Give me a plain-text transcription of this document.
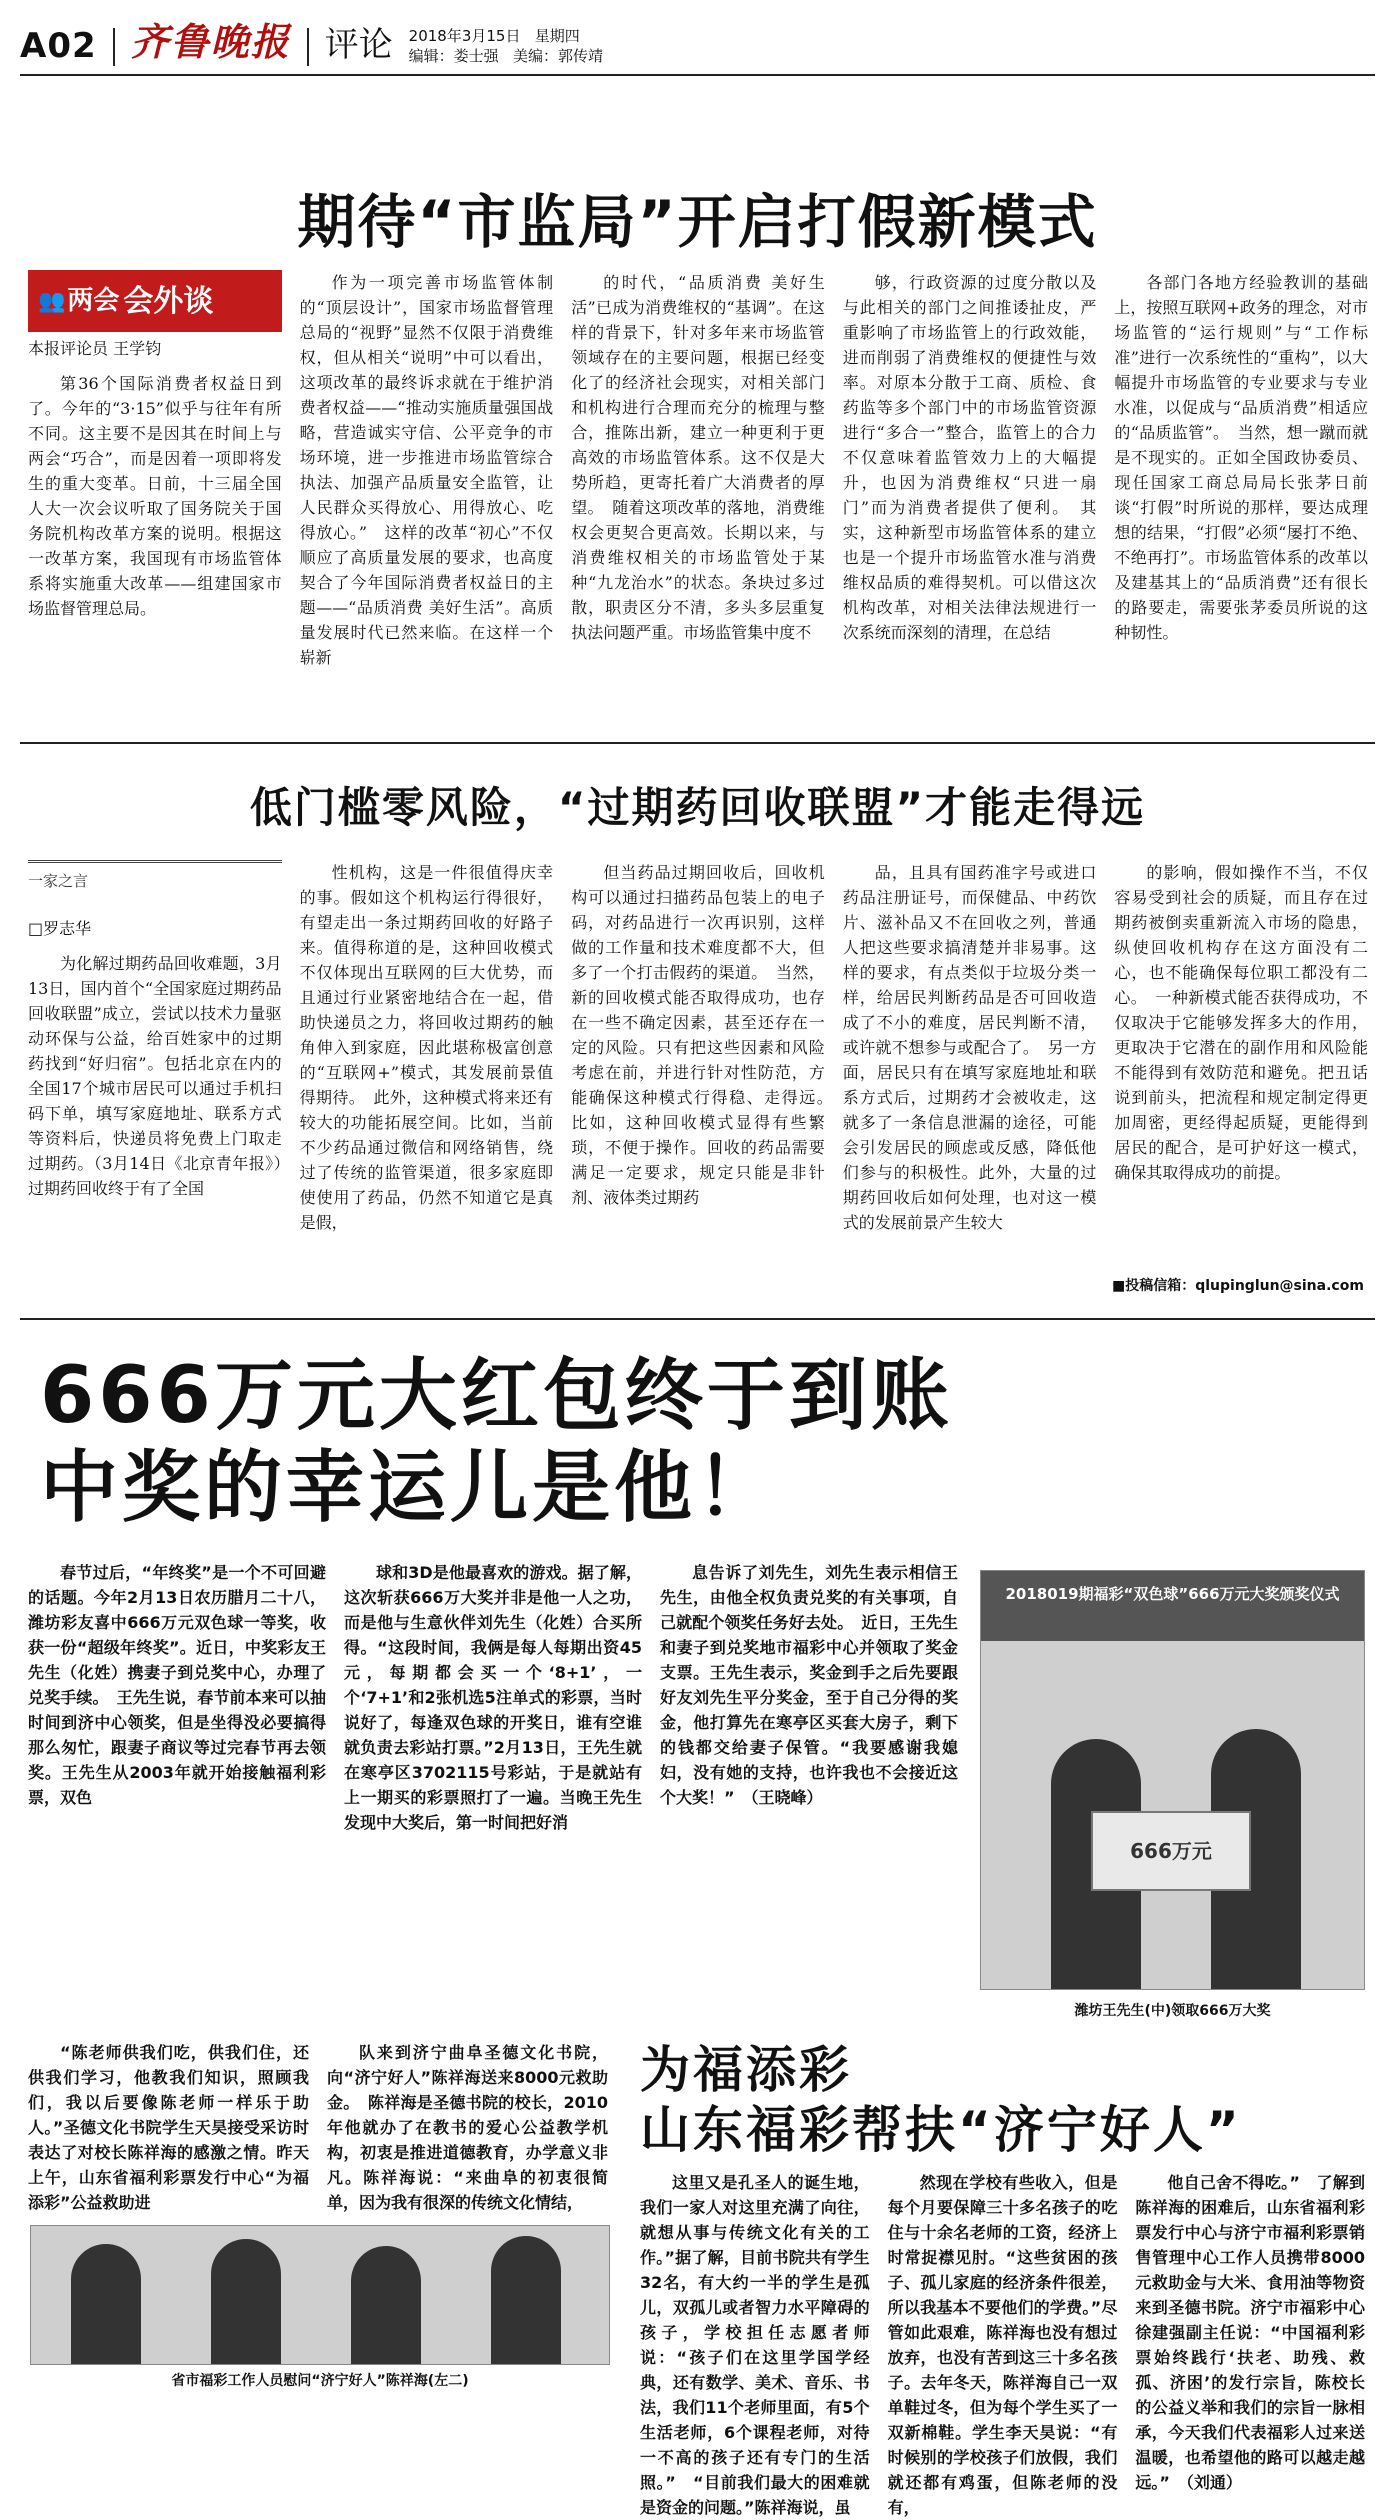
A02 齐鲁晚报 评论 2018年3月15日 星期四
编辑：娄士强 美编：郭传靖
期待“市监局”开启打假新模式
👥 两会 会外谈
本报评论员 王学钧

第36个国际消费者权益日到了。今年的“3·15”似乎与往年有所不同。这主要不是因其在时间上与两会“巧合”，而是因着一项即将发生的重大变革。日前，十三届全国人大一次会议听取了国务院关于国务院机构改革方案的说明。根据这一改革方案，我国现有市场监管体系将实施重大改革——组建国家市场监督管理总局。

作为一项完善市场监管体制的“顶层设计”，国家市场监督管理总局的“视野”显然不仅限于消费维权，但从相关“说明”中可以看出，这项改革的最终诉求就在于维护消费者权益——“推动实施质量强国战略，营造诚实守信、公平竞争的市场环境，进一步推进市场监管综合执法、加强产品质量安全监管，让人民群众买得放心、用得放心、吃得放心。”　这样的改革“初心”不仅顺应了高质量发展的要求，也高度契合了今年国际消费者权益日的主题——“品质消费 美好生活”。高质量发展时代已然来临。在这样一个崭新

的时代，“品质消费 美好生活”已成为消费维权的“基调”。在这样的背景下，针对多年来市场监管领域存在的主要问题，根据已经变化了的经济社会现实，对相关部门和机构进行合理而充分的梳理与整合，推陈出新，建立一种更利于更高效的市场监管体系。这不仅是大势所趋，更寄托着广大消费者的厚望。　随着这项改革的落地，消费维权会更契合更高效。长期以来，与消费维权相关的市场监管处于某种“九龙治水”的状态。条块过多过散，职责区分不清，多头多层重复执法问题严重。市场监管集中度不

够，行政资源的过度分散以及与此相关的部门之间推诿扯皮，严重影响了市场监管上的行政效能，进而削弱了消费维权的便捷性与效率。对原本分散于工商、质检、食药监等多个部门中的市场监管资源进行“多合一”整合，监管上的合力不仅意味着监管效力上的大幅提升，也因为消费维权“只进一扇门”而为消费者提供了便利。　其实，这种新型市场监管体系的建立也是一个提升市场监管水准与消费维权品质的难得契机。可以借这次机构改革，对相关法律法规进行一次系统而深刻的清理，在总结

各部门各地方经验教训的基础上，按照互联网+政务的理念，对市场监管的“运行规则”与“工作标准”进行一次系统性的“重构”，以大幅提升市场监管的专业要求与专业水准，以促成与“品质消费”相适应的“品质监管”。　当然，想一蹴而就是不现实的。正如全国政协委员、现任国家工商总局局长张茅日前谈“打假”时所说的那样，要达成理想的结果，“打假”必须“屡打不绝、不绝再打”。市场监管体系的改革以及建基其上的“品质消费”还有很长的路要走，需要张茅委员所说的这种韧性。

低门槛零风险，“过期药回收联盟”才能走得远
一家之言
□罗志华

为化解过期药品回收难题，3月13日，国内首个“全国家庭过期药品回收联盟”成立，尝试以技术力量驱动环保与公益，给百姓家中的过期药找到“好归宿”。包括北京在内的全国17个城市居民可以通过手机扫码下单，填写家庭地址、联系方式等资料后，快递员将免费上门取走过期药。（3月14日《北京青年报》）　过期药回收终于有了全国

性机构，这是一件很值得庆幸的事。假如这个机构运行得很好，有望走出一条过期药回收的好路子来。值得称道的是，这种回收模式不仅体现出互联网的巨大优势，而且通过行业紧密地结合在一起，借助快递员之力，将回收过期药的触角伸入到家庭，因此堪称极富创意的“互联网+”模式，其发展前景值得期待。　此外，这种模式将来还有较大的功能拓展空间。比如，当前不少药品通过微信和网络销售，绕过了传统的监管渠道，很多家庭即使使用了药品，仍然不知道它是真是假，

但当药品过期回收后，回收机构可以通过扫描药品包装上的电子码，对药品进行一次再识别，这样做的工作量和技术难度都不大，但多了一个打击假药的渠道。　当然，新的回收模式能否取得成功，也存在一些不确定因素，甚至还存在一定的风险。只有把这些因素和风险考虑在前，并进行针对性防范，方能确保这种模式行得稳、走得远。　比如，这种回收模式显得有些繁琐，不便于操作。回收的药品需要满足一定要求，规定只能是非针剂、液体类过期药

品，且具有国药准字号或进口药品注册证号，而保健品、中药饮片、滋补品又不在回收之列，普通人把这些要求搞清楚并非易事。这样的要求，有点类似于垃圾分类一样，给居民判断药品是否可回收造成了不小的难度，居民判断不清，或许就不想参与或配合了。　另一方面，居民只有在填写家庭地址和联系方式后，过期药才会被收走，这就多了一条信息泄漏的途径，可能会引发居民的顾虑或反感，降低他们参与的积极性。此外，大量的过期药回收后如何处理，也对这一模式的发展前景产生较大

的影响，假如操作不当，不仅容易受到社会的质疑，而且存在过期药被倒卖重新流入市场的隐患，纵使回收机构存在这方面没有二心，也不能确保每位职工都没有二心。　一种新模式能否获得成功，不仅取决于它能够发挥多大的作用，更取决于它潜在的副作用和风险能不能得到有效防范和避免。把丑话说到前头，把流程和规定制定得更加周密，更经得起质疑，更能得到居民的配合，是可护好这一模式，确保其取得成功的前提。

■投稿信箱：qlupinglun@sina.com
666万元大红包终于到账
中奖的幸运儿是他！

春节过后，“年终奖”是一个不可回避的话题。今年2月13日农历腊月二十八，潍坊彩友喜中666万元双色球一等奖，收获一份“超级年终奖”。近日，中奖彩友王先生（化姓）携妻子到兑奖中心，办理了兑奖手续。　王先生说，春节前本来可以抽时间到济中心领奖，但是坐得没必要搞得那么匆忙，跟妻子商议等过完春节再去领奖。王先生从2003年就开始接触福利彩票，双色

球和3D是他最喜欢的游戏。据了解，这次斩获666万大奖并非是他一人之功，而是他与生意伙伴刘先生（化姓）合买所得。“这段时间，我俩是每人每期出资45元，每期都会买一个‘8+1’，一个‘7+1’和2张机选5注单式的彩票，当时说好了，每逢双色球的开奖日，谁有空谁就负责去彩站打票。”2月13日，王先生就在寒亭区3702115号彩站，于是就站有上一期买的彩票照打了一遍。当晚王先生发现中大奖后，第一时间把好消

息告诉了刘先生，刘先生表示相信王先生，由他全权负责兑奖的有关事项，自己就配个领奖任务好去处。　近日，王先生和妻子到兑奖地市福彩中心并领取了奖金支票。王先生表示，奖金到手之后先要跟好友刘先生平分奖金，至于自己分得的奖金，他打算先在寒亭区买套大房子，剩下的钱都交给妻子保管。“我要感谢我媳妇，没有她的支持，也许我也不会接近这个大奖！”　（王晓峰）

2018019期福彩“双色球”666万元大奖颁奖仪式
666万元
潍坊王先生(中)领取666万大奖

“陈老师供我们吃，供我们住，还供我们学习，他教我们知识，照顾我们，我以后要像陈老师一样乐于助人。”圣德文化书院学生天昊接受采访时表达了对校长陈祥海的感激之情。昨天上午，山东省福利彩票发行中心“为福添彩”公益救助进

队来到济宁曲阜圣德文化书院，向“济宁好人”陈祥海送来8000元救助金。　陈祥海是圣德书院的校长，2010年他就办了在教书的爱心公益教学机构，初衷是推进道德教育，办学意义非凡。陈祥海说：“来曲阜的初衷很简单，因为我有很深的传统文化情结，

为福添彩
山东福彩帮扶“济宁好人”
省市福彩工作人员慰问“济宁好人”陈祥海(左二)

这里又是孔圣人的诞生地，我们一家人对这里充满了向往，就想从事与传统文化有关的工作。”据了解，目前书院共有学生32名，有大约一半的学生是孤儿，双孤儿或者智力水平障碍的孩子，学校担任志愿者师说：“孩子们在这里学国学经典，还有数学、美术、音乐、书法，我们11个老师里面，有5个生活老师，6个课程老师，对待一不高的孩子还有专门的生活照。”　“目前我们最大的困难就是资金的问题。”陈祥海说，虽

然现在学校有些收入，但是每个月要保障三十多名孩子的吃住与十余名老师的工资，经济上时常捉襟见肘。“这些贫困的孩子、孤儿家庭的经济条件很差，所以我基本不要他们的学费。”尽管如此艰难，陈祥海也没有想过放弃，也没有苦到这三十多名孩子。去年冬天，陈祥海自己一双单鞋过冬，但为每个学生买了一双新棉鞋。学生李天昊说：“有时候别的学校孩子们放假，我们就还都有鸡蛋，但陈老师的没有，

他自己舍不得吃。”　了解到陈祥海的困难后，山东省福利彩票发行中心与济宁市福利彩票销售管理中心工作人员携带8000元救助金与大米、食用油等物资来到圣德书院。济宁市福彩中心徐建强副主任说：“中国福利彩票始终践行‘扶老、助残、救孤、济困’的发行宗旨，陈校长的公益义举和我们的宗旨一脉相承，今天我们代表福彩人过来送温暖，也希望他的路可以越走越远。”　（刘通）
